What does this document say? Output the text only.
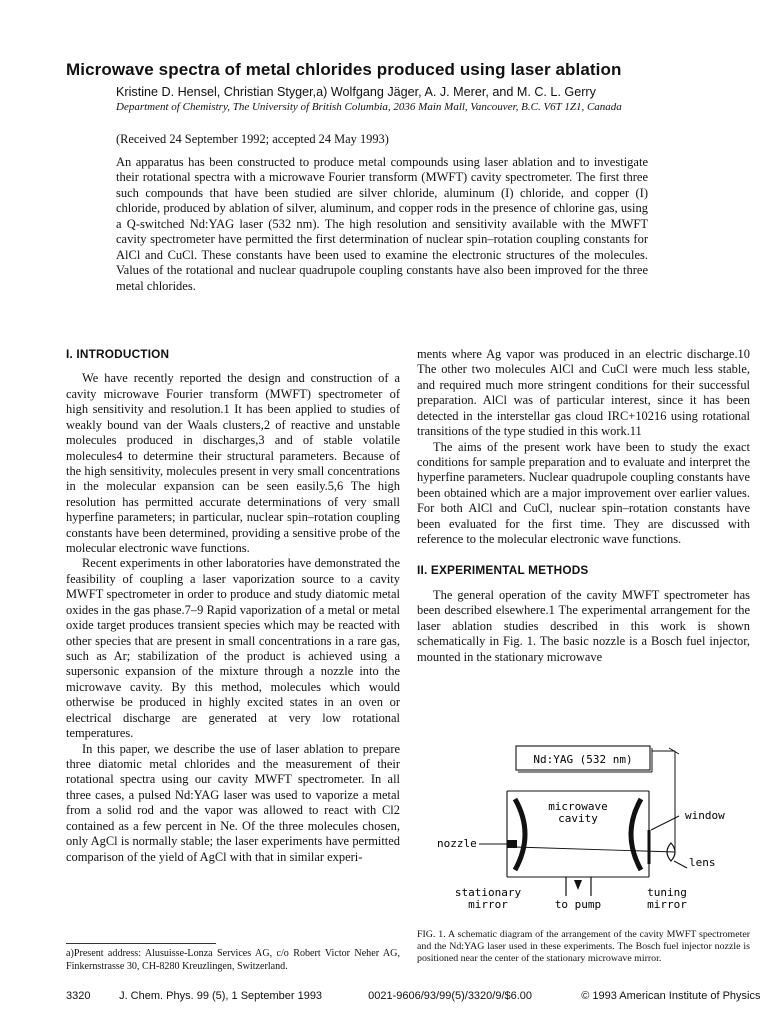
Microwave spectra of metal chlorides produced using laser ablation
Kristine D. Hensel, Christian Styger,a) Wolfgang Jäger, A. J. Merer, and M. C. L. Gerry
Department of Chemistry, The University of British Columbia, 2036 Main Mall, Vancouver, B.C. V6T 1Z1, Canada
(Received 24 September 1992; accepted 24 May 1993)
An apparatus has been constructed to produce metal compounds using laser ablation and to investigate their rotational spectra with a microwave Fourier transform (MWFT) cavity spectrometer. The first three such compounds that have been studied are silver chloride, aluminum (I) chloride, and copper (I) chloride, produced by ablation of silver, aluminum, and copper rods in the presence of chlorine gas, using a Q-switched Nd:YAG laser (532 nm). The high resolution and sensitivity available with the MWFT cavity spectrometer have permitted the first determination of nuclear spin–rotation coupling constants for AlCl and CuCl. These constants have been used to examine the electronic structures of the molecules. Values of the rotational and nuclear quadrupole coupling constants have also been improved for the three metal chlorides.
I. INTRODUCTION

We have recently reported the design and construction of a cavity microwave Fourier transform (MWFT) spectrometer of high sensitivity and resolution.1 It has been applied to studies of weakly bound van der Waals clusters,2 of reactive and unstable molecules produced in discharges,3 and of stable volatile molecules4 to determine their structural parameters. Because of the high sensitivity, molecules present in very small concentrations in the molecular expansion can be seen easily.5,6 The high resolution has permitted accurate determinations of very small hyperfine parameters; in particular, nuclear spin–rotation coupling constants have been determined, providing a sensitive probe of the molecular electronic wave functions.

Recent experiments in other laboratories have demonstrated the feasibility of coupling a laser vaporization source to a cavity MWFT spectrometer in order to produce and study diatomic metal oxides in the gas phase.7–9 Rapid vaporization of a metal or metal oxide target produces transient species which may be reacted with other species that are present in small concentrations in a rare gas, such as Ar; stabilization of the product is achieved using a supersonic expansion of the mixture through a nozzle into the microwave cavity. By this method, molecules which would otherwise be produced in highly excited states in an oven or electrical discharge are generated at very low rotational temperatures.

In this paper, we describe the use of laser ablation to prepare three diatomic metal chlorides and the measurement of their rotational spectra using our cavity MWFT spectrometer. In all three cases, a pulsed Nd:YAG laser was used to vaporize a metal from a solid rod and the vapor was allowed to react with Cl2 contained as a few percent in Ne. Of the three molecules chosen, only AgCl is normally stable; the laser experiments have permitted comparison of the yield of AgCl with that in similar experi-

ments where Ag vapor was produced in an electric discharge.10 The other two molecules AlCl and CuCl were much less stable, and required much more stringent conditions for their successful preparation. AlCl was of particular interest, since it has been detected in the interstellar gas cloud IRC+10216 using rotational transitions of the type studied in this work.11

The aims of the present work have been to study the exact conditions for sample preparation and to evaluate and interpret the hyperfine parameters. Nuclear quadrupole coupling constants have been obtained which are a major improvement over earlier values. For both AlCl and CuCl, nuclear spin–rotation constants have been evaluated for the first time. They are discussed with reference to the molecular electronic wave functions.

II. EXPERIMENTAL METHODS

The general operation of the cavity MWFT spectrometer has been described elsewhere.1 The experimental arrangement for the laser ablation studies described in this work is shown schematically in Fig. 1. The basic nozzle is a Bosch fuel injector, mounted in the stationary microwave

Nd:YAG (532 nm)
nozzle
microwave
cavity	window
lens
to pump
stationary
mirror
tuning
mirror
FIG. 1. A schematic diagram of the arrangement of the cavity MWFT spectrometer and the Nd:YAG laser used in these experiments. The Bosch fuel injector nozzle is positioned near the center of the stationary microwave mirror.
a)Present address: Alusuisse-Lonza Services AG, c/o Robert Victor Neher AG, Finkernstrasse 30, CH-8280 Kreuzlingen, Switzerland.
3320	J. Chem. Phys. 99 (5), 1 September 1993	0021-9606/93/99(5)/3320/9/$6.00	© 1993 American Institute of Physics
